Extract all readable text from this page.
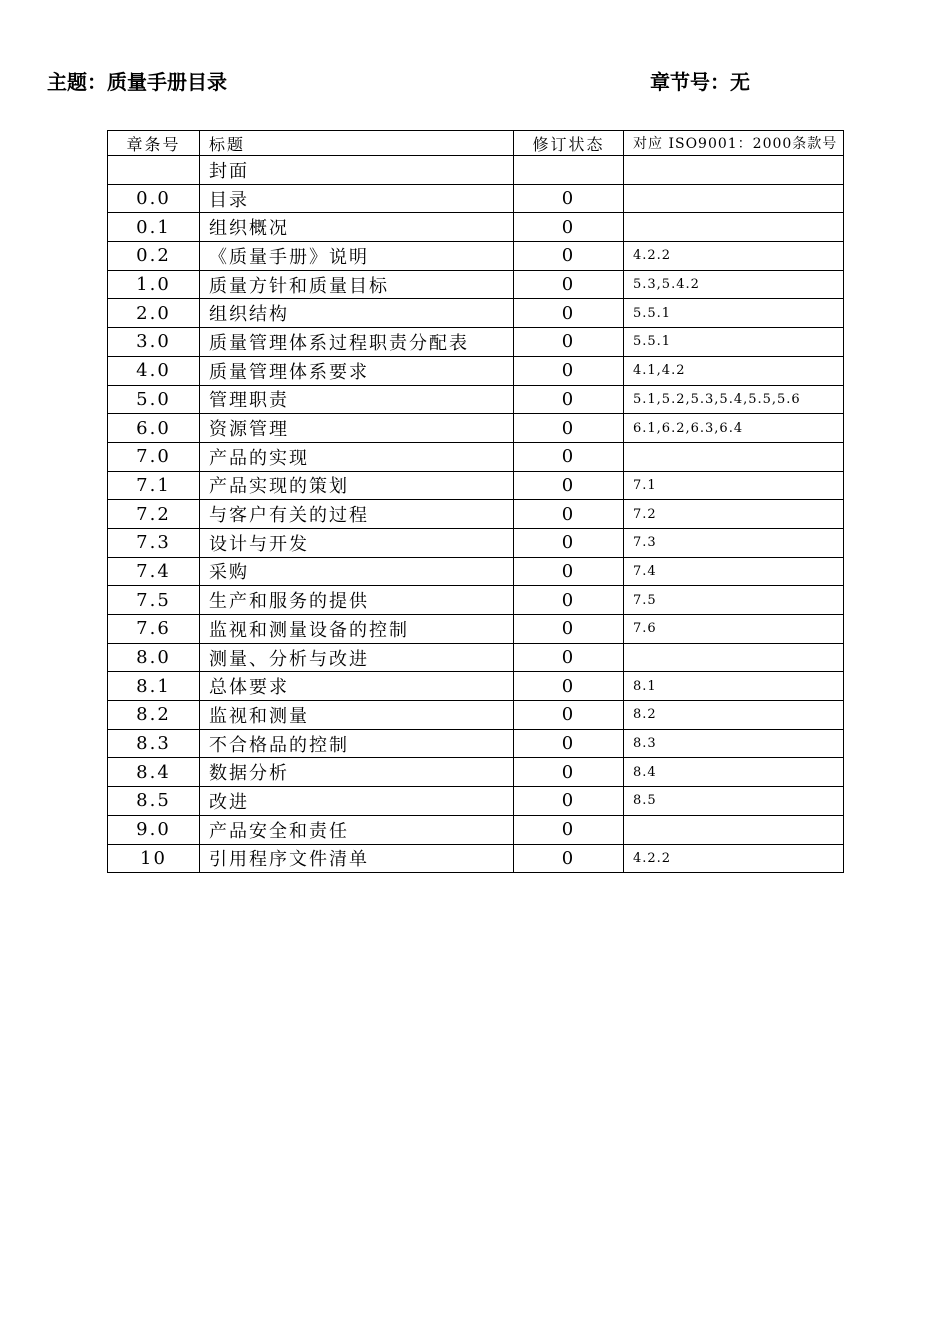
主题：质量手册目录	章节号：无
章条号	标题	修订状态	对应 ISO9001：2000条款号
	封面		
0.0	目录	0	
0.1	组织概况	0	
0.2	《质量手册》说明	0	4.2.2
1.0	质量方针和质量目标	0	5.3,5.4.2
2.0	组织结构	0	5.5.1
3.0	质量管理体系过程职责分配表	0	5.5.1
4.0	质量管理体系要求	0	4.1,4.2
5.0	管理职责	0	5.1,5.2,5.3,5.4,5.5,5.6
6.0	资源管理	0	6.1,6.2,6.3,6.4
7.0	产品的实现	0	
7.1	产品实现的策划	0	7.1
7.2	与客户有关的过程	0	7.2
7.3	设计与开发	0	7.3
7.4	采购	0	7.4
7.5	生产和服务的提供	0	7.5
7.6	监视和测量设备的控制	0	7.6
8.0	测量、分析与改进	0	
8.1	总体要求	0	8.1
8.2	监视和测量	0	8.2
8.3	不合格品的控制	0	8.3
8.4	数据分析	0	8.4
8.5	改进	0	8.5
9.0	产品安全和责任	0	
10	引用程序文件清单	0	4.2.2
